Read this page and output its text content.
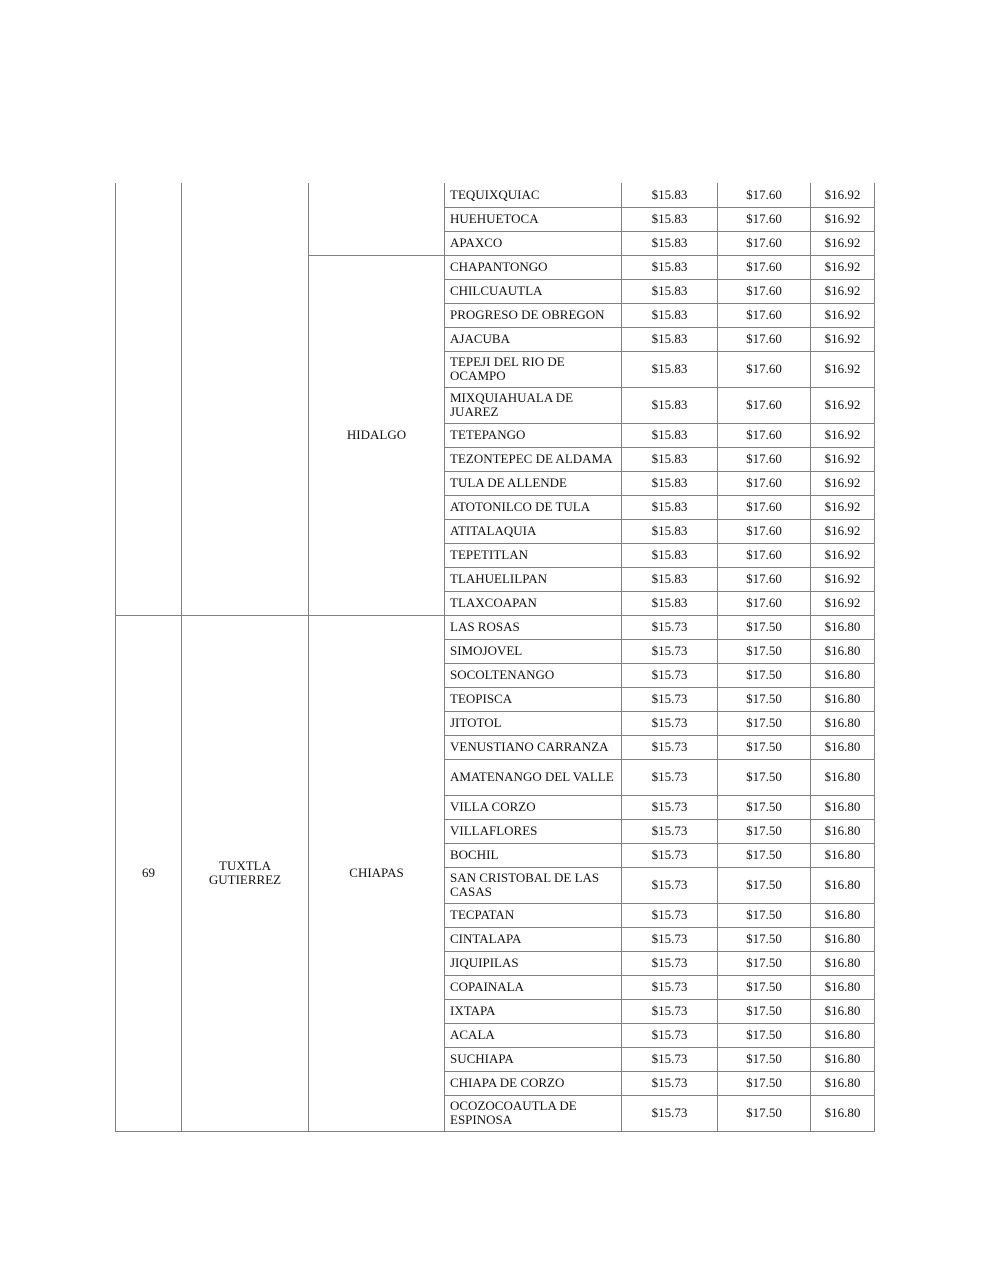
			TEQUIXQUIAC	$15.83	$17.60	$16.92
			HUEHUETOCA	$15.83	$17.60	$16.92
			APAXCO	$15.83	$17.60	$16.92
		HIDALGO	CHAPANTONGO	$15.83	$17.60	$16.92
			CHILCUAUTLA	$15.83	$17.60	$16.92
			PROGRESO DE OBREGON	$15.83	$17.60	$16.92
			AJACUBA	$15.83	$17.60	$16.92
			TEPEJI DEL RIO DE OCAMPO	$15.83	$17.60	$16.92
			MIXQUIAHUALA DE JUAREZ	$15.83	$17.60	$16.92
			TETEPANGO	$15.83	$17.60	$16.92
			TEZONTEPEC DE ALDAMA	$15.83	$17.60	$16.92
			TULA DE ALLENDE	$15.83	$17.60	$16.92
			ATOTONILCO DE TULA	$15.83	$17.60	$16.92
			ATITALAQUIA	$15.83	$17.60	$16.92
			TEPETITLAN	$15.83	$17.60	$16.92
			TLAHUELILPAN	$15.83	$17.60	$16.92
			TLAXCOAPAN	$15.83	$17.60	$16.92
69	TUXTLA GUTIERREZ	CHIAPAS	LAS ROSAS	$15.73	$17.50	$16.80
			SIMOJOVEL	$15.73	$17.50	$16.80
			SOCOLTENANGO	$15.73	$17.50	$16.80
			TEOPISCA	$15.73	$17.50	$16.80
			JITOTOL	$15.73	$17.50	$16.80
			VENUSTIANO CARRANZA	$15.73	$17.50	$16.80
			AMATENANGO DEL VALLE	$15.73	$17.50	$16.80
			VILLA CORZO	$15.73	$17.50	$16.80
			VILLAFLORES	$15.73	$17.50	$16.80
			BOCHIL	$15.73	$17.50	$16.80
			SAN CRISTOBAL DE LAS CASAS	$15.73	$17.50	$16.80
			TECPATAN	$15.73	$17.50	$16.80
			CINTALAPA	$15.73	$17.50	$16.80
			JIQUIPILAS	$15.73	$17.50	$16.80
			COPAINALA	$15.73	$17.50	$16.80
			IXTAPA	$15.73	$17.50	$16.80
			ACALA	$15.73	$17.50	$16.80
			SUCHIAPA	$15.73	$17.50	$16.80
			CHIAPA DE CORZO	$15.73	$17.50	$16.80
			OCOZOCOAUTLA DE ESPINOSA	$15.73	$17.50	$16.80
